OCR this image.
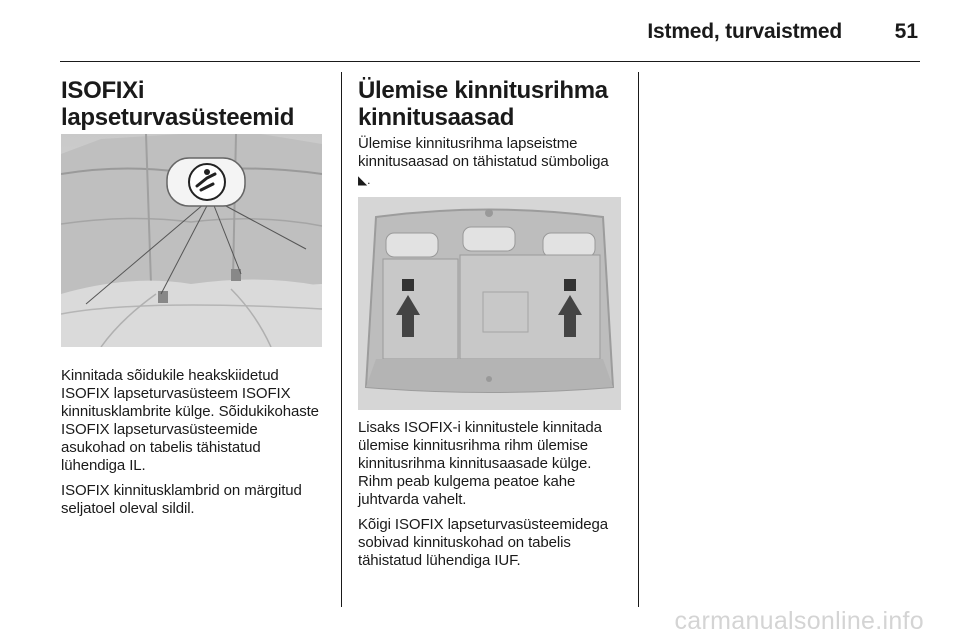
Istmed, turvaistmed	51
ISOFIXi
lapseturvasüsteemid

Kinnitada sõidukile heakskiidetud ISOFIX lapseturvasüsteem ISOFIX kinnitusklambrite külge. Sõidukikohaste ISOFIX lapseturvasüsteemide asukohad on tabelis tähistatud lühendiga IL.

ISOFIX kinnitusklambrid on märgitud seljatoel oleval sildil.

Ülemise kinnitusrihma
kinnitusaasad

Ülemise kinnitusrihma lapseistme kinnitusaasad on tähistatud sümboliga ◣.

Lisaks ISOFIX-i kinnitustele kinnitada ülemise kinnitusrihma rihm ülemise kinnitusrihma kinnitusaasade külge. Rihm peab kulgema peatoe kahe juhtvarda vahelt.

Kõigi ISOFIX lapseturvasüsteemidega sobivad kinnituskohad on tabelis tähistatud lühendiga IUF.

carmanualsonline.info
